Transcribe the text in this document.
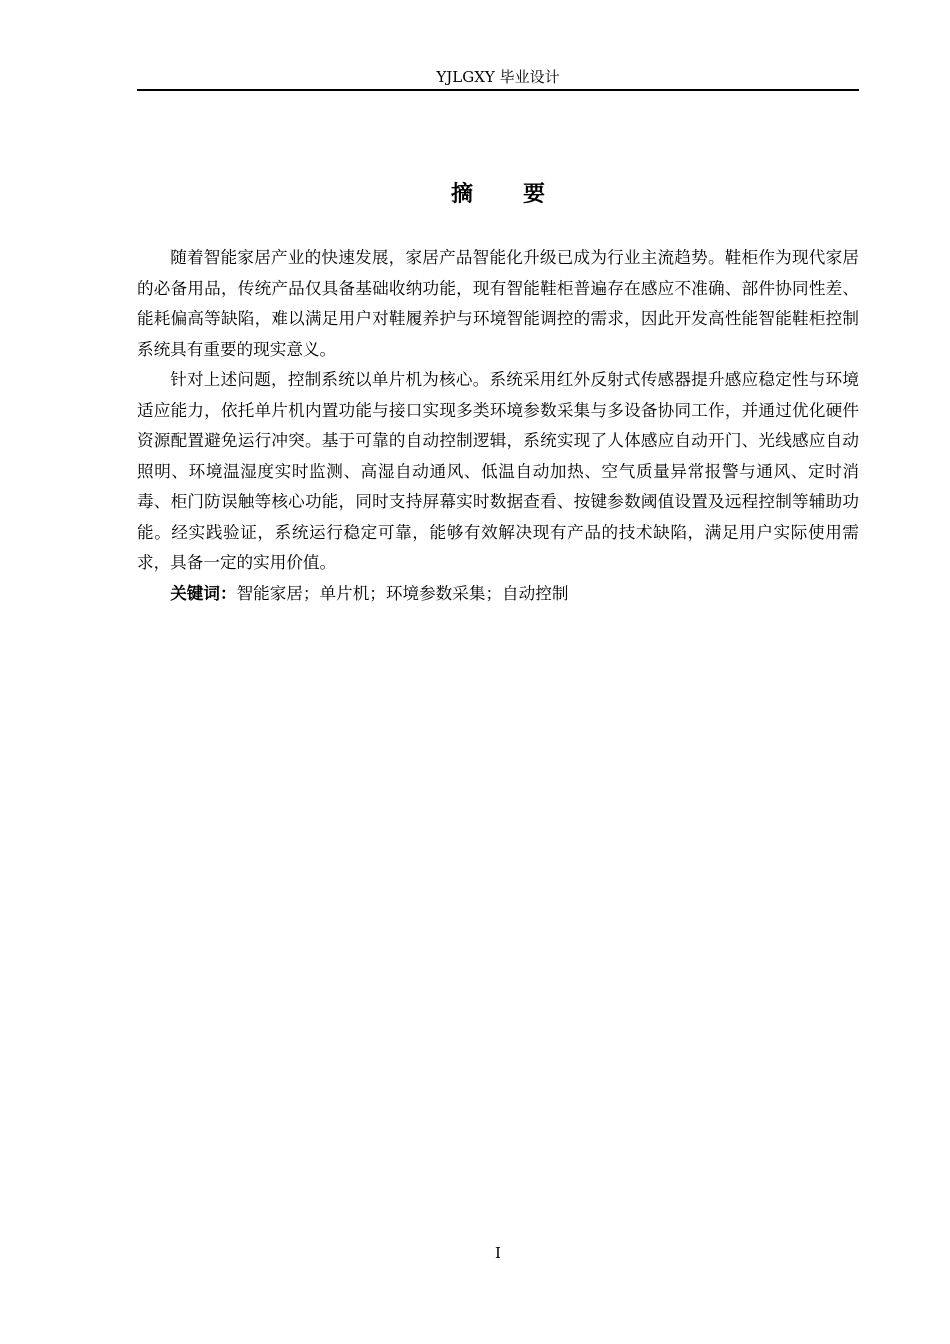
YJLGXY 毕业设计
摘要

随着智能家居产业的快速发展，家居产品智能化升级已成为行业主流趋势。鞋柜作为现代家居的必备用品，传统产品仅具备基础收纳功能，现有智能鞋柜普遍存在感应不准确、部件协同性差、能耗偏高等缺陷，难以满足用户对鞋履养护与环境智能调控的需求，因此开发高性能智能鞋柜控制系统具有重要的现实意义。

针对上述问题，控制系统以单片机为核心。系统采用红外反射式传感器提升感应稳定性与环境适应能力，依托单片机内置功能与接口实现多类环境参数采集与多设备协同工作，并通过优化硬件资源配置避免运行冲突。基于可靠的自动控制逻辑，系统实现了人体感应自动开门、光线感应自动照明、环境温湿度实时监测、高湿自动通风、低温自动加热、空气质量异常报警与通风、定时消毒、柜门防误触等核心功能，同时支持屏幕实时数据查看、按键参数阈值设置及远程控制等辅助功能。经实践验证，系统运行稳定可靠，能够有效解决现有产品的技术缺陷，满足用户实际使用需求，具备一定的实用价值。

关键词：智能家居；单片机；环境参数采集；自动控制

I
